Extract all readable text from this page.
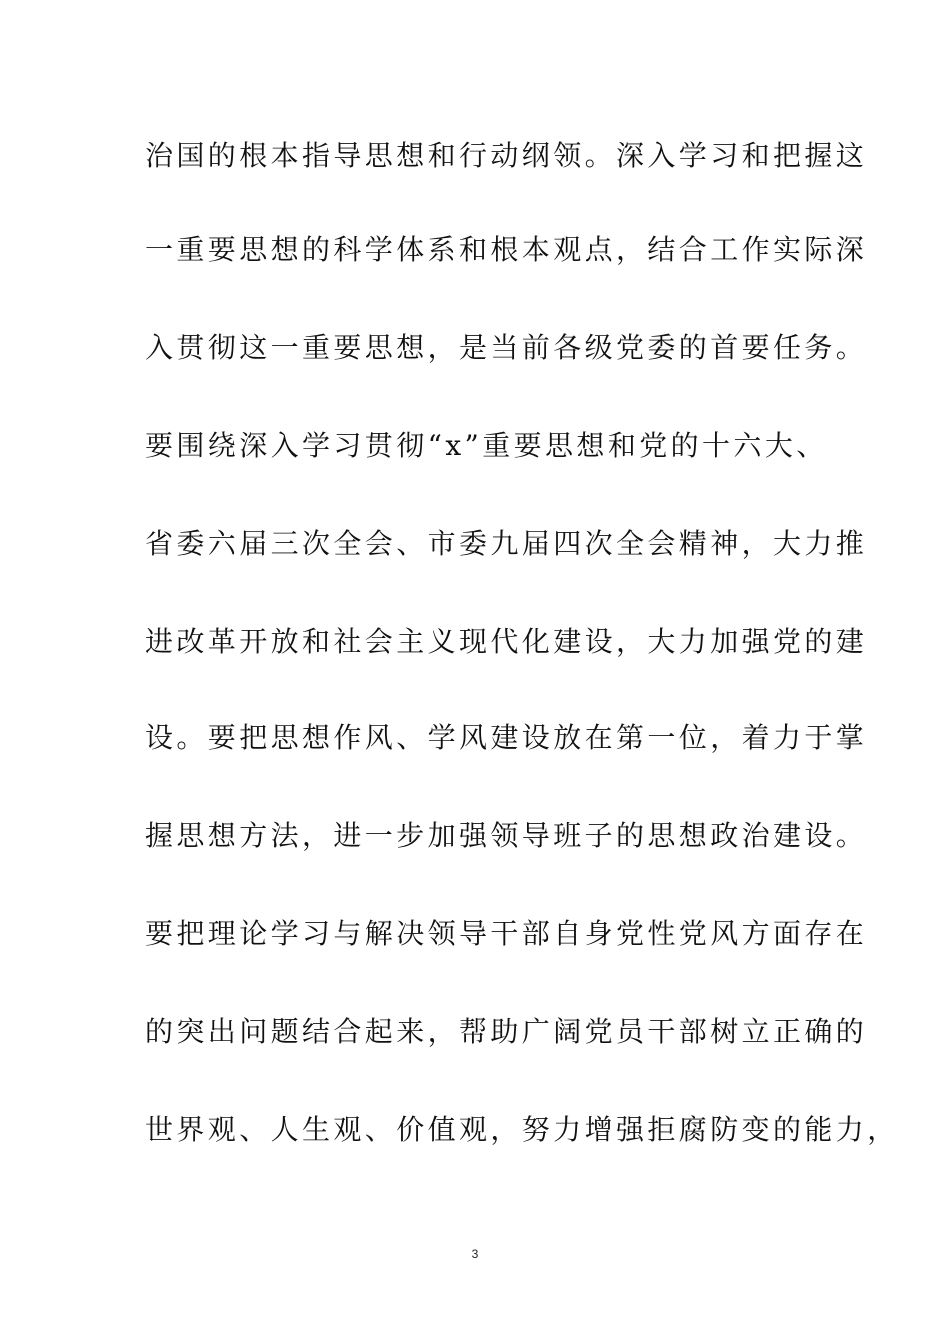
治国的根本指导思想和行动纲领。深入学习和把握这

一重要思想的科学体系和根本观点，结合工作实际深

入贯彻这一重要思想，是当前各级党委的首要任务。

要围绕深入学习贯彻“x”重要思想和党的十六大、

省委六届三次全会、市委九届四次全会精神，大力推

进改革开放和社会主义现代化建设，大力加强党的建

设。要把思想作风、学风建设放在第一位，着力于掌

握思想方法，进一步加强领导班子的思想政治建设。

要把理论学习与解决领导干部自身党性党风方面存在

的突出问题结合起来，帮助广阔党员干部树立正确的

世界观、人生观、价值观，努力增强拒腐防变的能力，

3
